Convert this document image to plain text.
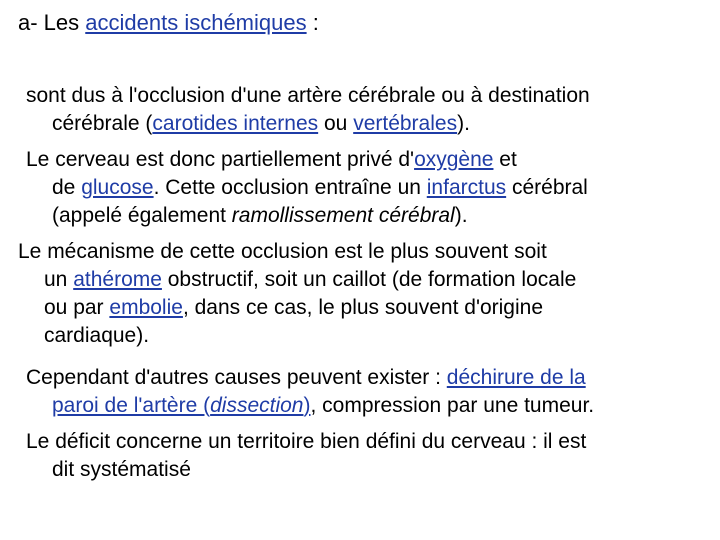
a- Les accidents ischémiques :
sont dus à l'occlusion d'une artère cérébrale ou à destination
cérébrale (carotides internes ou vertébrales).
Le cerveau est donc partiellement privé d'oxygène et
de glucose. Cette occlusion entraîne un infarctus cérébral
(appelé également ramollissement cérébral).
Le mécanisme de cette occlusion est le plus souvent soit
un athérome obstructif, soit un caillot (de formation locale
ou par embolie, dans ce cas, le plus souvent d'origine
cardiaque).
Cependant d'autres causes peuvent exister : déchirure de la
paroi de l'artère (dissection), compression par une tumeur.
Le déficit concerne un territoire bien défini du cerveau : il est
dit systématisé
